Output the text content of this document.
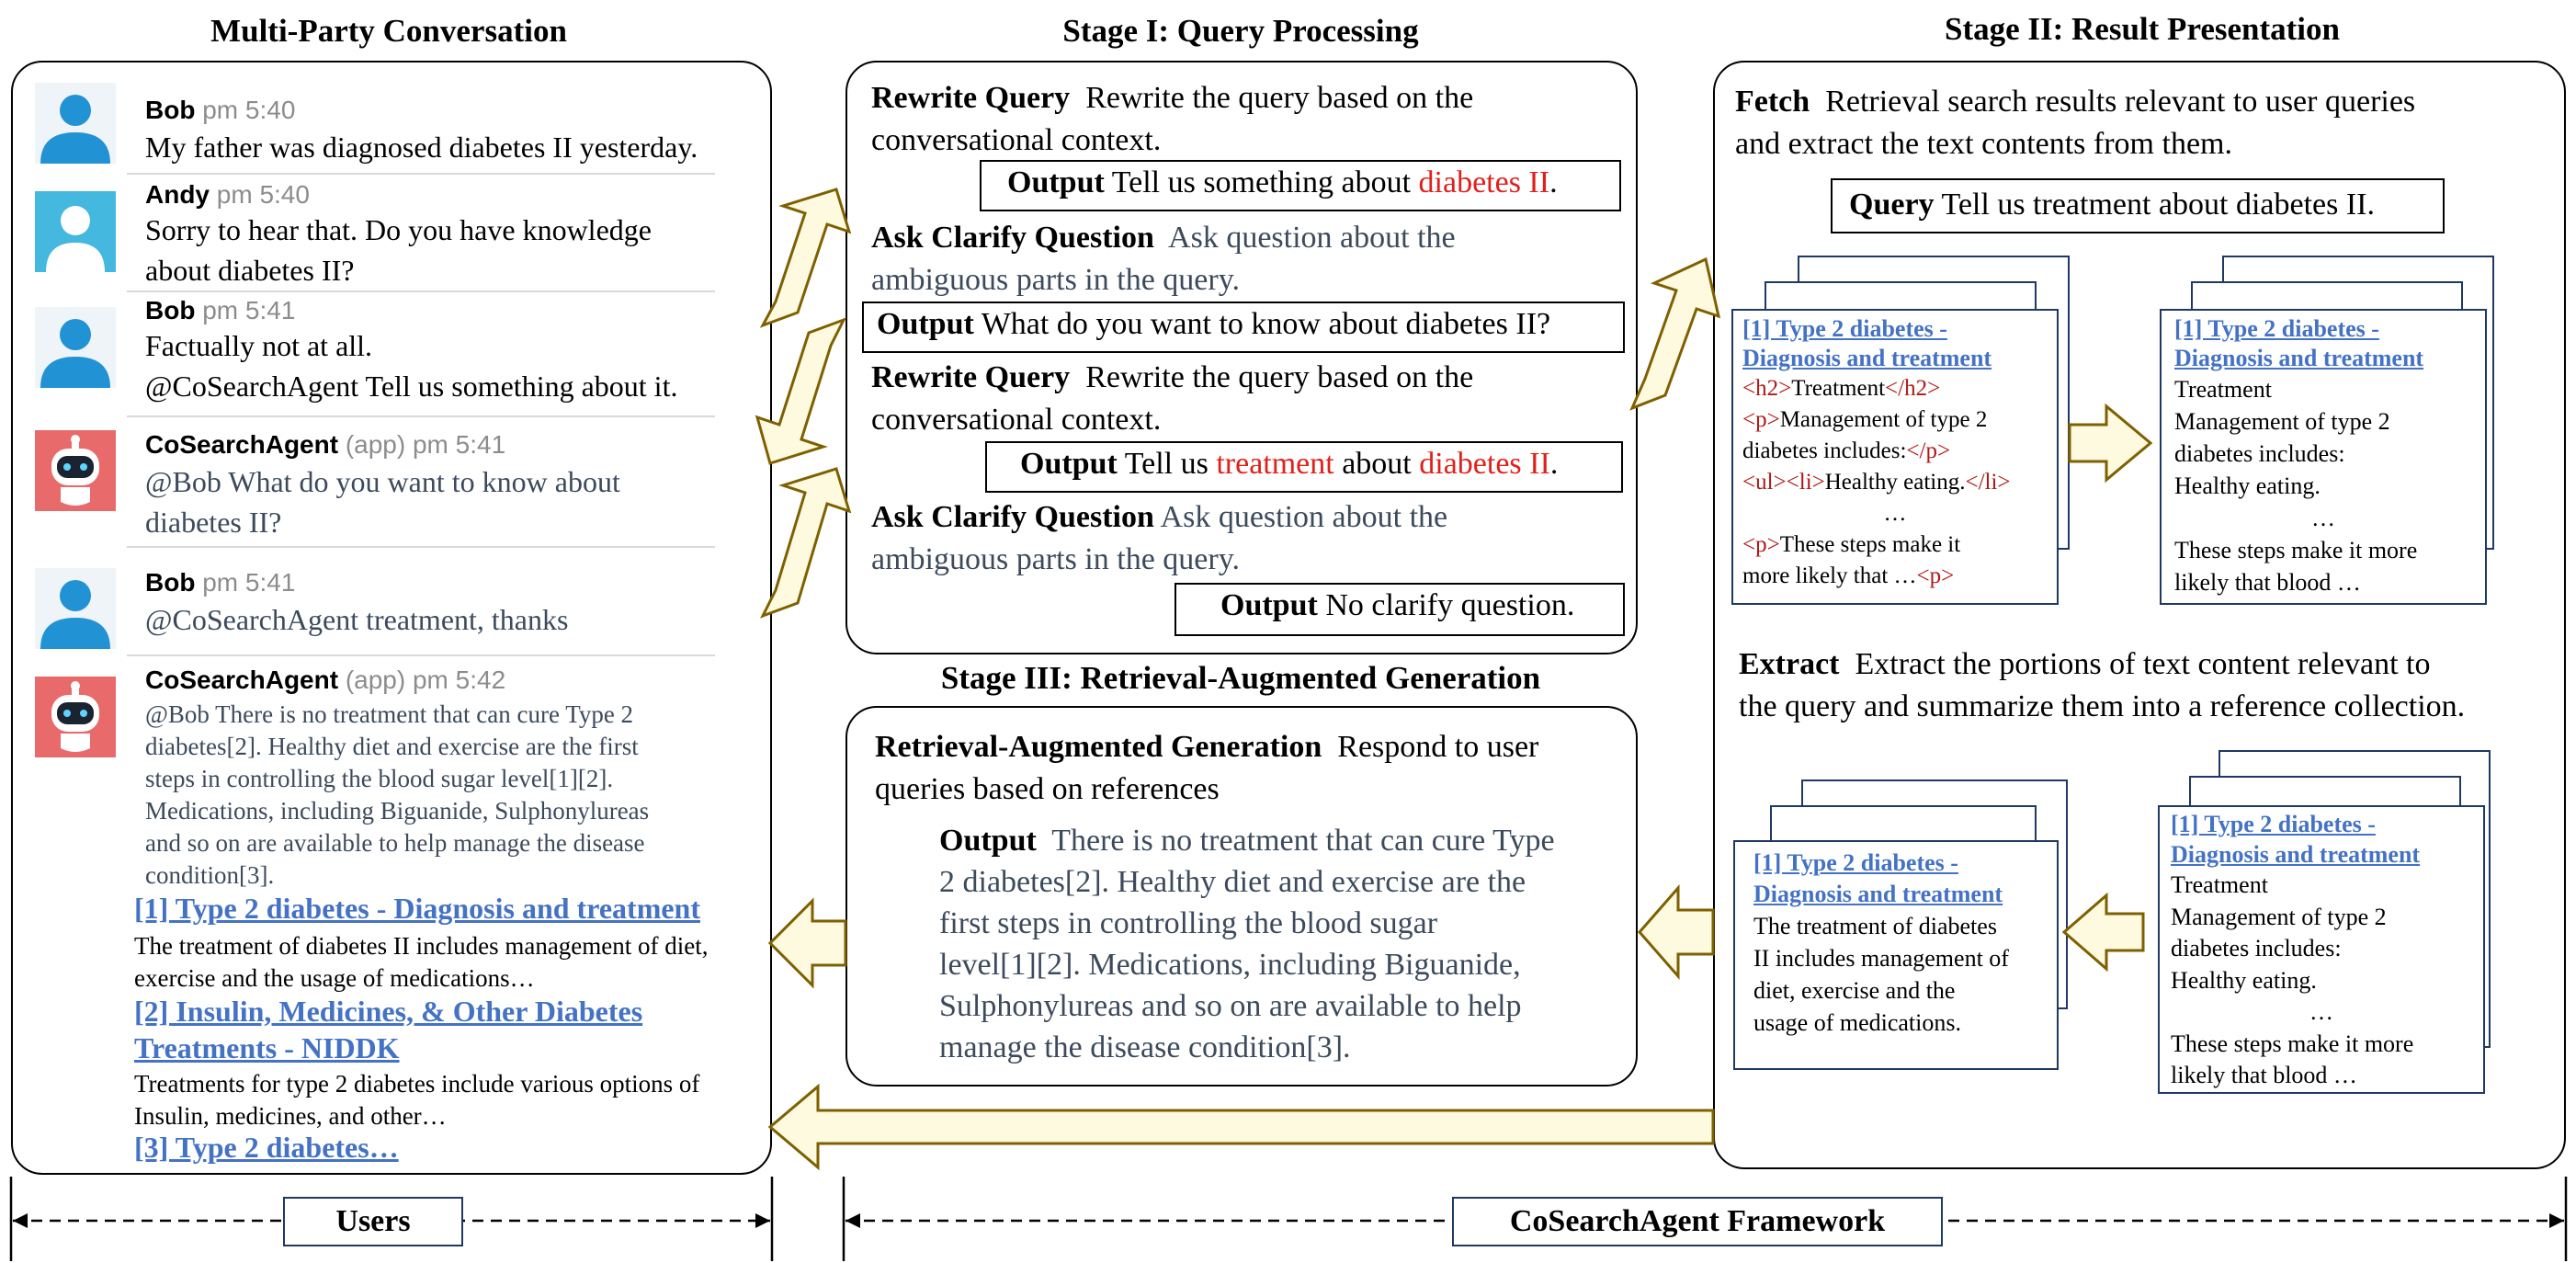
Multi-Party Conversation	Stage I: Query Processing	Stage II: Result Presentation
Stage III: Retrieval-Augmented Generation
Bob pm 5:40
My father was diagnosed diabetes II yesterday.
Andy pm 5:40
Sorry to hear that. Do you have knowledge
about diabetes II?
Bob pm 5:41
Factually not at all.
@CoSearchAgent Tell us something about it.
CoSearchAgent (app) pm 5:41
@Bob What do you want to know about
diabetes II?
Bob pm 5:41
@CoSearchAgent treatment, thanks
CoSearchAgent (app) pm 5:42
@Bob There is no treatment that can cure Type 2
diabetes[2]. Healthy diet and exercise are the first
steps in controlling the blood sugar level[1][2].
Medications, including Biguanide, Sulphonylureas
and so on are available to help manage the disease
condition[3].
[1] Type 2 diabetes - Diagnosis and treatment
The treatment of diabetes II includes management of diet,
exercise and the usage of medications…
[2] Insulin, Medicines, & Other Diabetes
Treatments - NIDDK
Treatments for type 2 diabetes include various options of
Insulin, medicines, and other…
[3] Type 2 diabetes…
Rewrite Query Rewrite the query based on the
conversational context.
Output Tell us something about diabetes II.
Ask Clarify Question Ask question about the
ambiguous parts in the query.
Output What do you want to know about diabetes II?
Rewrite Query Rewrite the query based on the
conversational context.
Output Tell us treatment about diabetes II.
Ask Clarify Question Ask question about the
ambiguous parts in the query.
Output No clarify question.
Retrieval-Augmented Generation Respond to user
queries based on references
Output There is no treatment that can cure Type
2 diabetes[2]. Healthy diet and exercise are the
first steps in controlling the blood sugar
level[1][2]. Medications, including Biguanide,
Sulphonylureas and so on are available to help
manage the disease condition[3].
Fetch Retrieval search results relevant to user queries
and extract the text contents from them.
Query Tell us treatment about diabetes II.
[1] Type 2 diabetes -
Diagnosis and treatment
<h2>Treatment</h2>
<p>Management of type 2
diabetes includes:</p>
<ul><li>Healthy eating.</li>
…
<p>These steps make it
more likely that …<p>
[1] Type 2 diabetes -
Diagnosis and treatment
Treatment
Management of type 2
diabetes includes:
Healthy eating.
…
These steps make it more
likely that blood …
Extract Extract the portions of text content relevant to
the query and summarize them into a reference collection.
[1] Type 2 diabetes -
Diagnosis and treatment
Treatment
Management of type 2
diabetes includes:
Healthy eating.
…
These steps make it more
likely that blood …
[1] Type 2 diabetes -
Diagnosis and treatment
The treatment of diabetes
II includes management of
diet, exercise and the
usage of medications.
Users	CoSearchAgent Framework
